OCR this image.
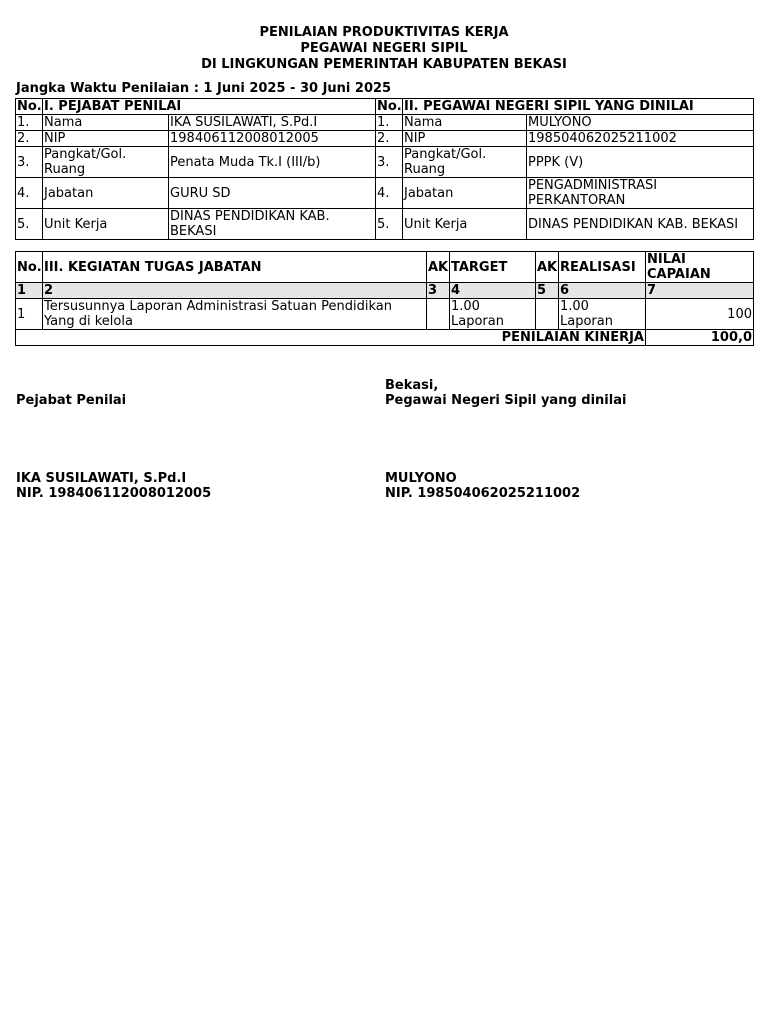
PENILAIAN PRODUKTIVITAS KERJA
PEGAWAI NEGERI SIPIL
DI LINGKUNGAN PEMERINTAH KABUPATEN BEKASI
Jangka Waktu Penilaian : 1 Juni 2025 - 30 Juni 2025
No.	I. PEJABAT PENILAI		No.	II. PEGAWAI NEGERI SIPIL YANG DINILAI	
1.	Nama	IKA SUSILAWATI, S.Pd.I	1.	Nama	MULYONO
2.	NIP	198406112008012005	2.	NIP	198504062025211002
3.	Pangkat/Gol. Ruang	Penata Muda Tk.I (III/b)	3.	Pangkat/Gol. Ruang	PPPK (V)
4.	Jabatan	GURU SD	4.	Jabatan	PENGADMINISTRASI PERKANTORAN
5.	Unit Kerja	DINAS PENDIDIKAN KAB. BEKASI	5.	Unit Kerja	DINAS PENDIDIKAN KAB. BEKASI
No.	III. KEGIATAN TUGAS JABATAN	AK	TARGET	AK	REALISASI	NILAI CAPAIAN
1	2	3	4	5	6	7
1	Tersusunnya Laporan Administrasi Satuan Pendidikan Yang di kelola		1.00 Laporan		1.00 Laporan	100
PENILAIAN KINERJA						100,0
Pejabat Penilai
IKA SUSILAWATI, S.Pd.I
NIP. 198406112008012005
Bekasi,
Pegawai Negeri Sipil yang dinilai
MULYONO
NIP. 198504062025211002
